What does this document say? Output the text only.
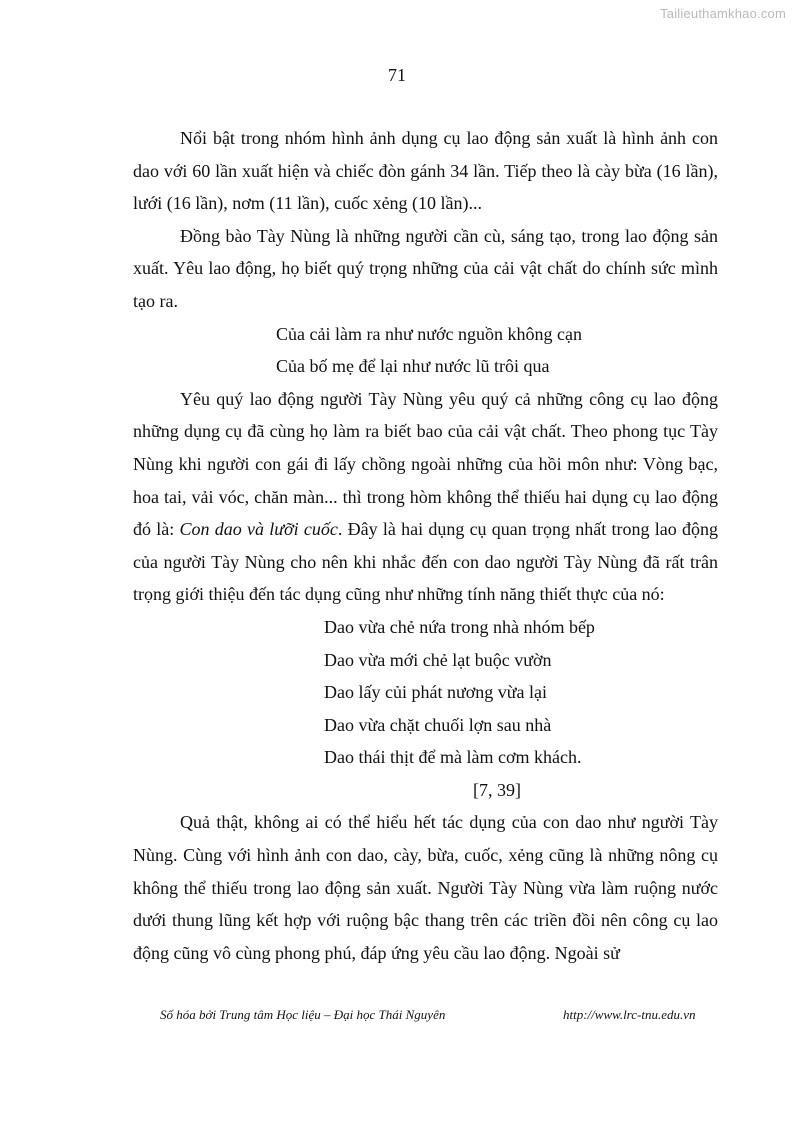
Tailieuthamkhao.com
71

Nổi bật trong nhóm hình ảnh dụng cụ lao động sản xuất là hình ảnh con dao với 60 lần xuất hiện và chiếc đòn gánh 34 lần. Tiếp theo là cày bừa (16 lần), lưới (16 lần), nơm (11 lần), cuốc xẻng (10 lần)...

Đồng bào Tày Nùng là những người cần cù, sáng tạo, trong lao động sản xuất. Yêu lao động, họ biết quý trọng những của cải vật chất do chính sức mình tạo ra.

Của cải làm ra như nước nguồn không cạn

Của bố mẹ để lại như nước lũ trôi qua

Yêu quý lao động người Tày Nùng yêu quý cả những công cụ lao động những dụng cụ đã cùng họ làm ra biết bao của cải vật chất. Theo phong tục Tày Nùng khi người con gái đi lấy chồng ngoài những của hồi môn như: Vòng bạc, hoa tai, vải vóc, chăn màn... thì trong hòm không thể thiếu hai dụng cụ lao động đó là: Con dao và lưỡi cuốc. Đây là hai dụng cụ quan trọng nhất trong lao động của người Tày Nùng cho nên khi nhắc đến con dao người Tày Nùng đã rất trân trọng giới thiệu đến tác dụng cũng như những tính năng thiết thực của nó:

Dao vừa chẻ nứa trong nhà nhóm bếp

Dao vừa mới chẻ lạt buộc vườn

Dao lấy củi phát nương vừa lại

Dao vừa chặt chuối lợn sau nhà

Dao thái thịt để mà làm cơm khách.

[7, 39]

Quả thật, không ai có thể hiểu hết tác dụng của con dao như người Tày Nùng. Cùng với hình ảnh con dao, cày, bừa, cuốc, xẻng cũng là những nông cụ không thể thiếu trong lao động sản xuất. Người Tày Nùng vừa làm ruộng nước dưới thung lũng kết hợp với ruộng bậc thang trên các triền đồi nên công cụ lao động cũng vô cùng phong phú, đáp ứng yêu cầu lao động. Ngoài sử

Số hóa bởi Trung tâm Học liệu – Đại học Thái Nguyên	http://www.lrc-tnu.edu.vn
